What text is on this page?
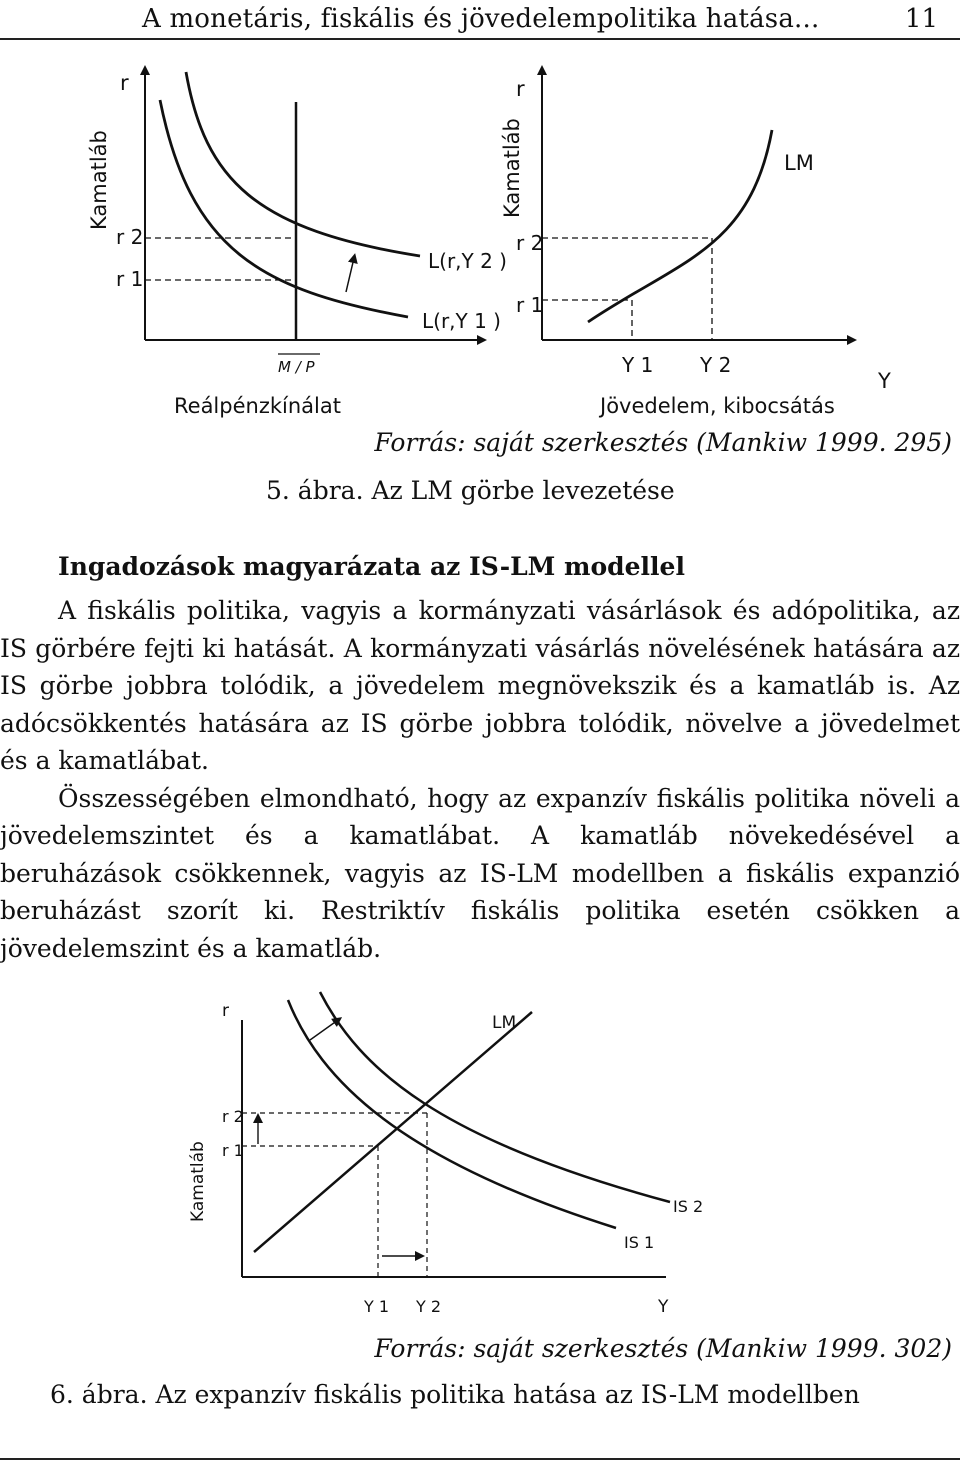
A monetáris, fiskális és jövedelempolitika hatása...	11
r
Kamatláb
r 2
r 1
L(r,Y 2 )
L(r,Y 1 )
M / P
Reálpénzkínálat
r
Kamatláb
r 2
r 1
LM
Y 1 Y 2
Y
Jövedelem, kibocsátás
Forrás: saját szerkesztés (Mankiw 1999. 295)
5. ábra. Az LM görbe levezetése
Ingadozások magyarázata az IS-LM modellel

A fiskális politika, vagyis a kormányzati vásárlások és adópolitika, az IS görbére fejti ki hatását. A kormányzati vásárlás növelésének hatására az IS görbe jobbra tolódik, a jövedelem megnövekszik és a kamatláb is. Az adócsökkentés hatására az IS görbe jobbra tolódik, növelve a jövedelmet és a kamatlábat.

Összességében elmondható, hogy az expanzív fiskális politika növeli a jövedelemszintet és a kamatlábat. A kamatláb növekedésével a beruházások csökkennek, vagyis az IS-LM modellben a fiskális expanzió beruházást szorít ki. Restriktív fiskális politika esetén csökken a jövedelemszint és a kamatláb.

r
Kamatláb
LM
r 2
r 1
IS 2
IS 1
Y 1 Y 2	Y
Forrás: saját szerkesztés (Mankiw 1999. 302)
6. ábra. Az expanzív fiskális politika hatása az IS-LM modellben
